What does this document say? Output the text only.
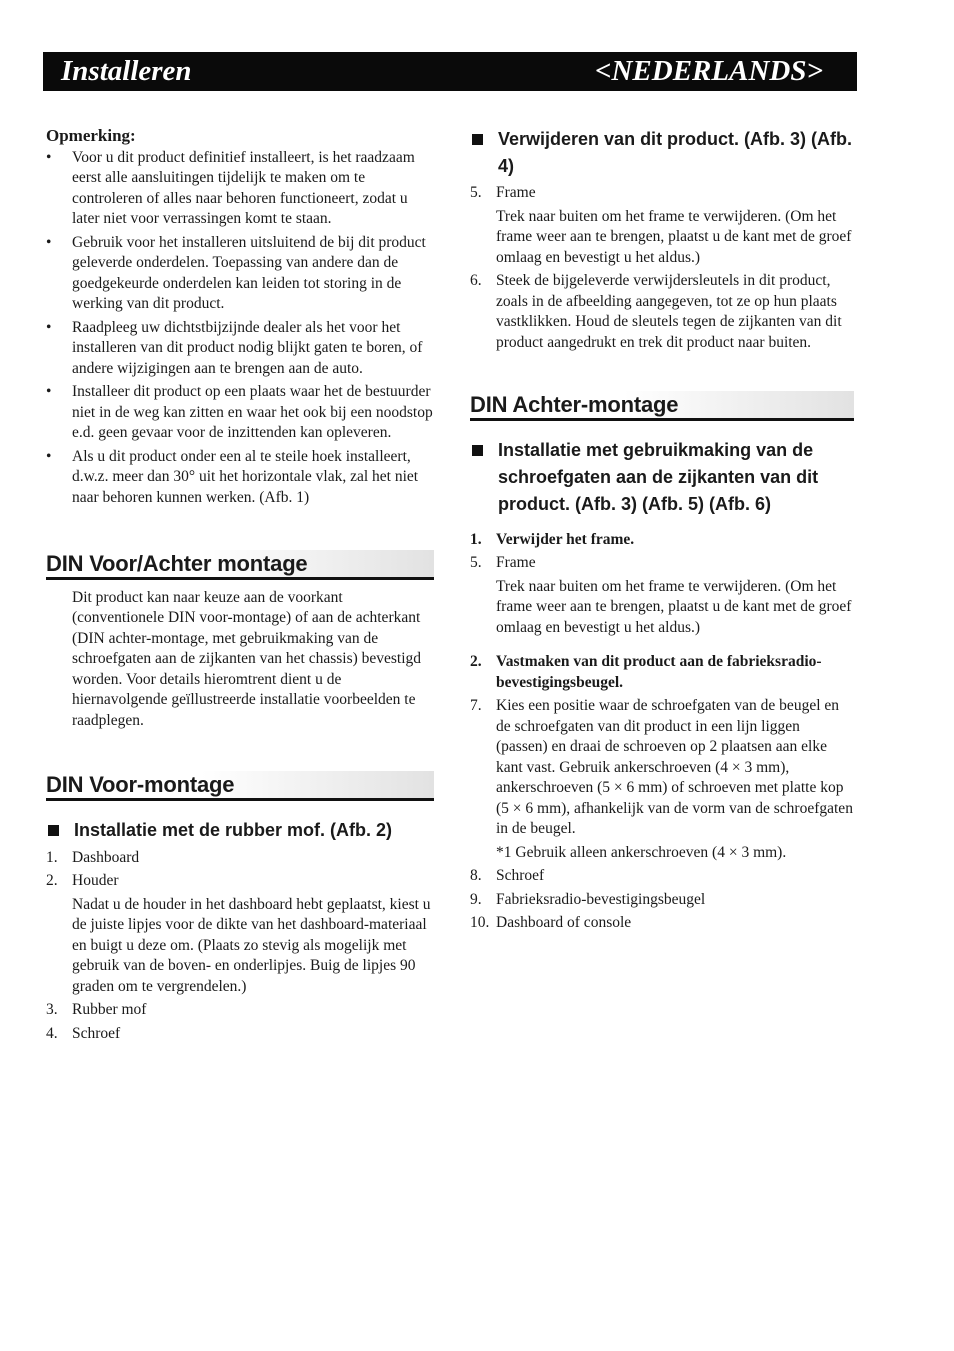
Installeren	<NEDERLANDS>
Opmerking:
• Voor u dit product definitief installeert, is het raadzaam eerst alle aansluitingen tijdelijk te maken om te controleren of alles naar behoren functioneert, zodat u later niet voor verrassingen komt te staan.
• Gebruik voor het installeren uitsluitend de bij dit product geleverde onderdelen. Toepassing van andere dan de goedgekeurde onderdelen kan leiden tot storing in de werking van dit product.
• Raadpleeg uw dichtstbijzijnde dealer als het voor het installeren van dit product nodig blijkt gaten te boren, of andere wijzigingen aan te brengen aan de auto.
• Installeer dit product op een plaats waar het de bestuurder niet in de weg kan zitten en waar het ook bij een noodstop e.d. geen gevaar voor de inzittenden kan opleveren.
• Als u dit product onder een al te steile hoek installeert, d.w.z. meer dan 30° uit het horizontale vlak, zal het niet naar behoren kunnen werken. (Afb. 1)
DIN Voor/Achter montage
Dit product kan naar keuze aan de voorkant (conventionele DIN voor-montage) of aan de achterkant (DIN achter-montage, met gebruikmaking van de schroefgaten aan de zijkanten van het chassis) bevestigd worden. Voor details hieromtrent dient u de hiernavolgende geïllustreerde installatie voorbeelden te raadplegen.
DIN Voor-montage
Installatie met de rubber mof. (Afb. 2)
1. Dashboard
2. Houder
Nadat u de houder in het dashboard hebt geplaatst, kiest u de juiste lipjes voor de dikte van het dashboard-materiaal en buigt u deze om. (Plaats zo stevig als mogelijk met gebruik van de boven- en onderlipjes. Buig de lipjes 90 graden om te vergrendelen.)
3. Rubber mof
4. Schroef
Verwijderen van dit product. (Afb. 3) (Afb. 4)
5. Frame
Trek naar buiten om het frame te verwijderen. (Om het frame weer aan te brengen, plaatst u de kant met de groef omlaag en bevestigt u het aldus.)
6. Steek de bijgeleverde verwijdersleutels in dit product, zoals in de afbeelding aangegeven, tot ze op hun plaats vastklikken. Houd de sleutels tegen de zijkanten van dit product aangedrukt en trek dit product naar buiten.
DIN Achter-montage
Installatie met gebruikmaking van de schroefgaten aan de zijkanten van dit product. (Afb. 3) (Afb. 5) (Afb. 6)
1. Verwijder het frame.
5. Frame
Trek naar buiten om het frame te verwijderen. (Om het frame weer aan te brengen, plaatst u de kant met de groef omlaag en bevestigt u het aldus.)
2. Vastmaken van dit product aan de fabrieksradio-bevestigingsbeugel.
7. Kies een positie waar de schroefgaten van de beugel en de schroefgaten van dit product in een lijn liggen (passen) en draai de schroeven op 2 plaatsen aan elke kant vast. Gebruik ankerschroeven (4 × 3 mm), ankerschroeven (5 × 6 mm) of schroeven met platte kop (5 × 6 mm), afhankelijk van de vorm van de schroefgaten in de beugel.
*1 Gebruik alleen ankerschroeven (4 × 3 mm).
8. Schroef
9. Fabrieksradio-bevestigingsbeugel
10. Dashboard of console
